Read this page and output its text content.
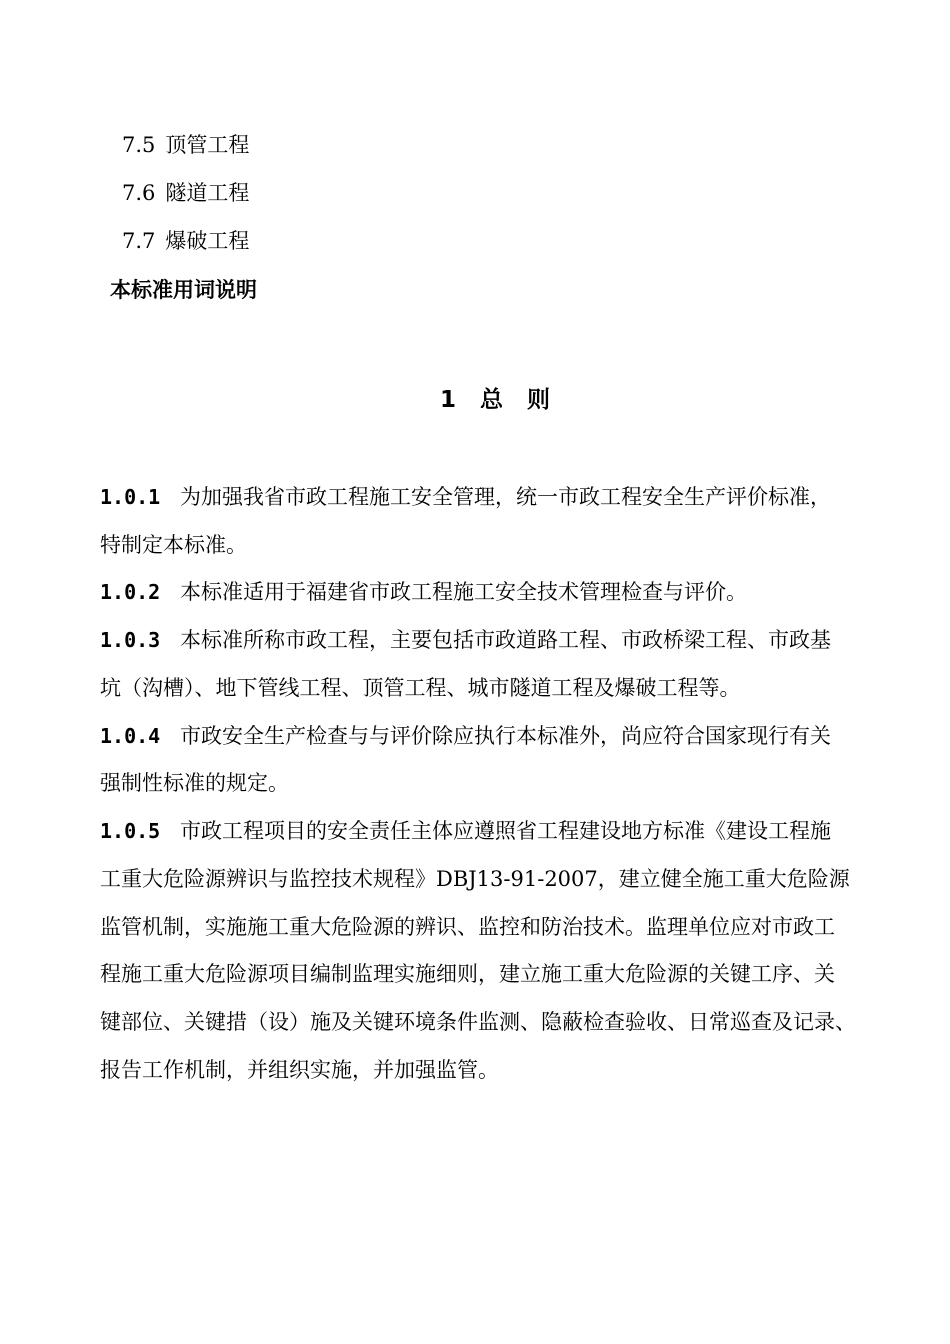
7.5 顶管工程
7.6 隧道工程
7.7 爆破工程
本标准用词说明
1 总 则
1.0.1 为加强我省市政工程施工安全管理，统一市政工程安全生产评价标准，
特制定本标准。
1.0.2 本标准适用于福建省市政工程施工安全技术管理检查与评价。
1.0.3 本标准所称市政工程，主要包括市政道路工程、市政桥梁工程、市政基
坑（沟槽）、地下管线工程、顶管工程、城市隧道工程及爆破工程等。
1.0.4 市政安全生产检查与与评价除应执行本标准外，尚应符合国家现行有关
强制性标准的规定。
1.0.5 市政工程项目的安全责任主体应遵照省工程建设地方标准《建设工程施
工重大危险源辨识与监控技术规程》DBJ13-91-2007，建立健全施工重大危险源
监管机制，实施施工重大危险源的辨识、监控和防治技术。监理单位应对市政工
程施工重大危险源项目编制监理实施细则，建立施工重大危险源的关键工序、关
键部位、关键措（设）施及关键环境条件监测、隐蔽检查验收、日常巡查及记录、
报告工作机制，并组织实施，并加强监管。
